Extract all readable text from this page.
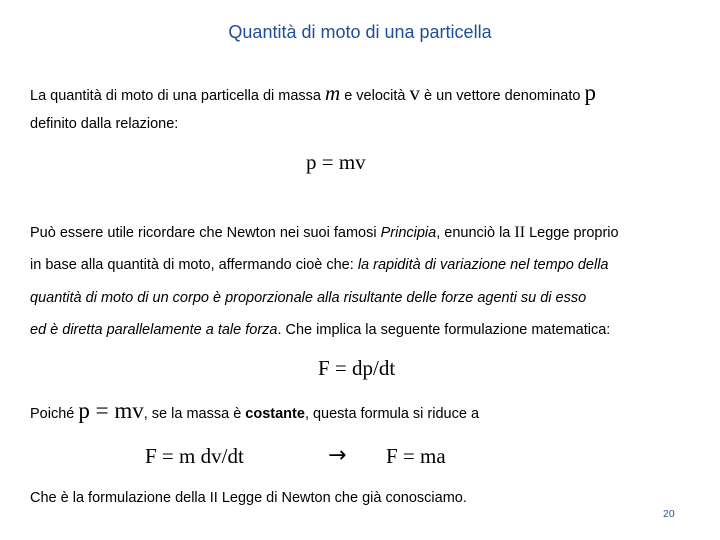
Quantità di moto di una particella
La quantità di moto di una particella di massa m e velocità v è un vettore denominato p
definito dalla relazione:
p = mv
Può essere utile ricordare che Newton nei suoi famosi Principia, enunciò la II Legge proprio
in base alla quantità di moto, affermando cioè che: la rapidità di variazione nel tempo della
quantità di moto di un corpo è proporzionale alla risultante delle forze agenti su di esso
ed è diretta parallelamente a tale forza. Che implica la seguente formulazione matematica:
F = dp/dt
Poiché p = mv, se la massa è costante, questa formula si riduce a
F = m dv/dt	→ F = ma
Che è la formulazione della II Legge di Newton che già conosciamo.
20
